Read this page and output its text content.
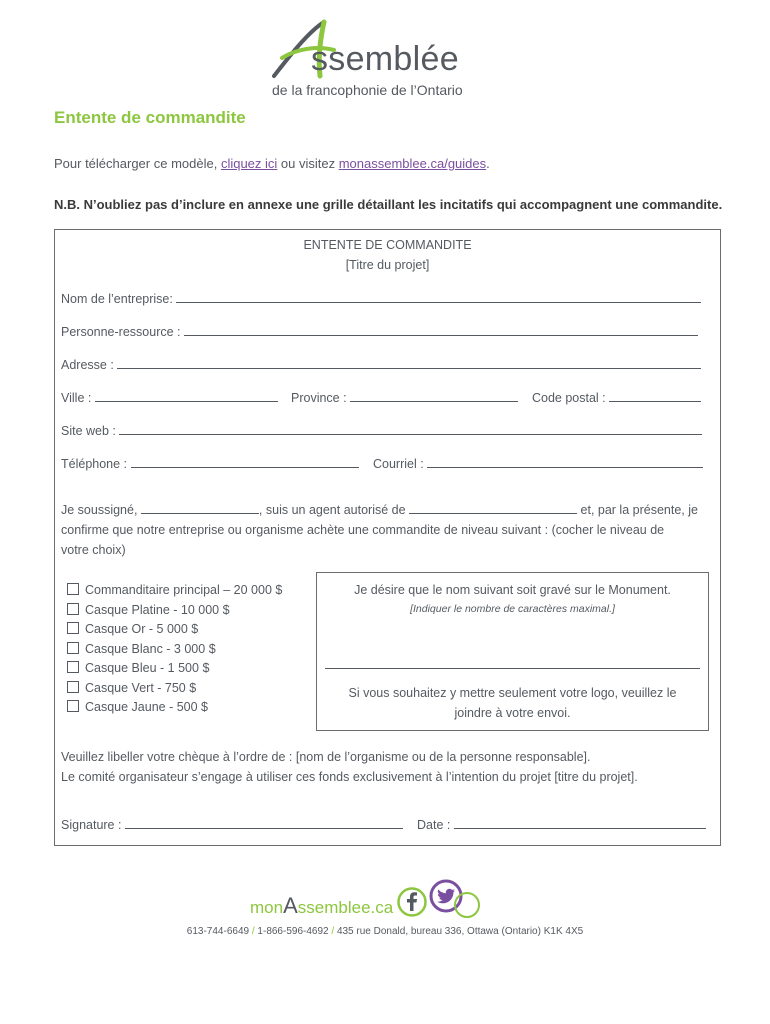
ssemblée
de la francophonie de l’Ontario
Entente de commandite
Pour télécharger ce modèle, cliquez ici ou visitez monassemblee.ca/guides.
N.B. N’oubliez pas d’inclure en annexe une grille détaillant les incitatifs qui accompagnent une commandite.
ENTENTE DE COMMANDITE
[Titre du projet]
Nom de l’entreprise:
Personne-ressource :
Adresse :
Ville :	Province :	Code postal :
Site web :
Téléphone :	Courriel :
Je soussigné,	, suis un agent autorisé de	et, par la présente, je
confirme que notre entreprise ou organisme achète une commandite de niveau suivant : (cocher le niveau de
votre choix)
Commanditaire principal – 20 000 $
Casque Platine - 10 000 $
Casque Or - 5 000 $
Casque Blanc - 3 000 $
Casque Bleu - 1 500 $
Casque Vert - 750 $
Casque Jaune - 500 $
Je désire que le nom suivant soit gravé sur le Monument.
[Indiquer le nombre de caractères maximal.]
Si vous souhaitez y mettre seulement votre logo, veuillez le joindre à votre envoi.
Veuillez libeller votre chèque à l’ordre de : [nom de l’organisme ou de la personne responsable].
Le comité organisateur s’engage à utiliser ces fonds exclusivement à l’intention du projet [titre du projet].
Signature :	Date :
monAssemblee.ca
613-744-6649 / 1-866-596-4692 / 435 rue Donald, bureau 336, Ottawa (Ontario) K1K 4X5
